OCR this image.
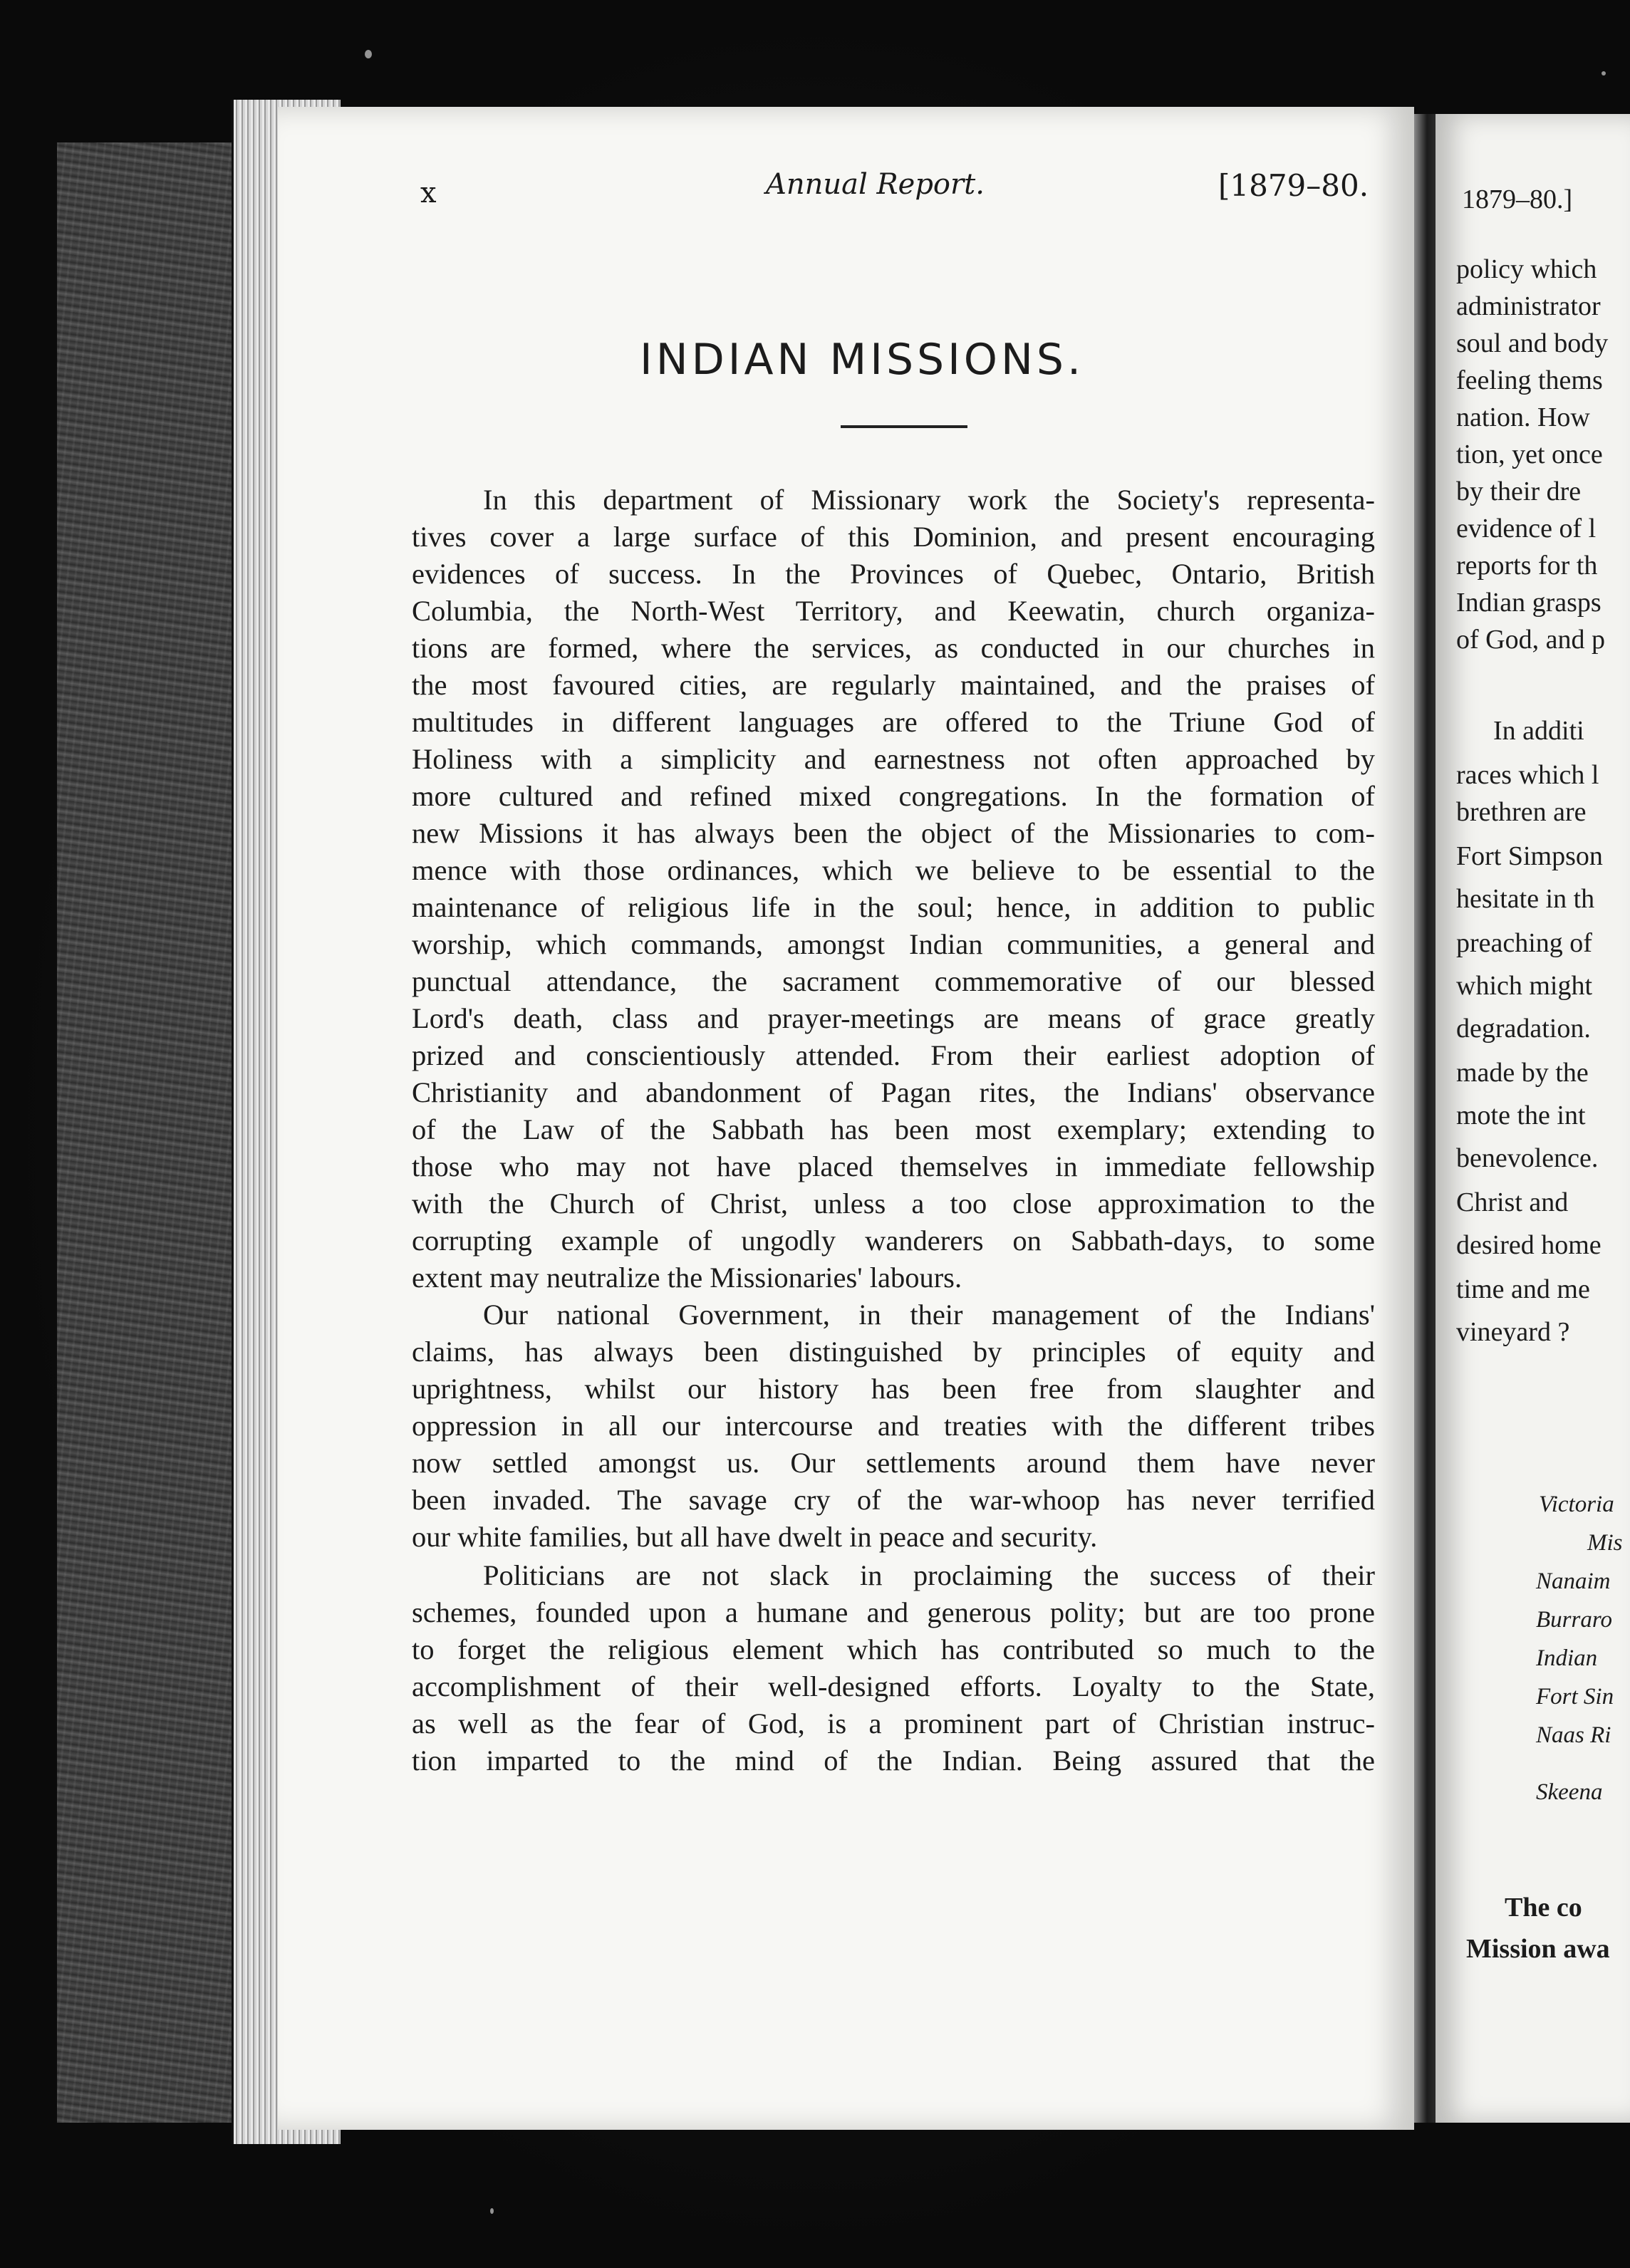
x	Annual Report.	[1879–80.
INDIAN MISSIONS.
In this department of Missionary work the Society's representa-
tives cover a large surface of this Dominion, and present encouraging
evidences of success. In the Provinces of Quebec, Ontario, British
Columbia, the North-West Territory, and Keewatin, church organiza-
tions are formed, where the services, as conducted in our churches in
the most favoured cities, are regularly maintained, and the praises of
multitudes in different languages are offered to the Triune God of
Holiness with a simplicity and earnestness not often approached by
more cultured and refined mixed congregations. In the formation of
new Missions it has always been the object of the Missionaries to com-
mence with those ordinances, which we believe to be essential to the
maintenance of religious life in the soul; hence, in addition to public
worship, which commands, amongst Indian communities, a general and
punctual attendance, the sacrament commemorative of our blessed
Lord's death, class and prayer-meetings are means of grace greatly
prized and conscientiously attended. From their earliest adoption of
Christianity and abandonment of Pagan rites, the Indians' observance
of the Law of the Sabbath has been most exemplary; extending to
those who may not have placed themselves in immediate fellowship
with the Church of Christ, unless a too close approximation to the
corrupting example of ungodly wanderers on Sabbath-days, to some
extent may neutralize the Missionaries' labours.
Our national Government, in their management of the Indians'
claims, has always been distinguished by principles of equity and
uprightness, whilst our history has been free from slaughter and
oppression in all our intercourse and treaties with the different tribes
now settled amongst us. Our settlements around them have never
been invaded. The savage cry of the war-whoop has never terrified
our white families, but all have dwelt in peace and security.
Politicians are not slack in proclaiming the success of their
schemes, founded upon a humane and generous polity; but are too prone
to forget the religious element which has contributed so much to the
accomplishment of their well-designed efforts. Loyalty to the State,
as well as the fear of God, is a prominent part of Christian instruc-
tion imparted to the mind of the Indian. Being assured that the
1879–80.]
policy which
administrator
soul and body
feeling thems
nation. How
tion, yet once
by their dre
evidence of l
reports for th
Indian grasps
of God, and p
In additi
races which l
brethren are
Fort Simpson
hesitate in th
preaching of
which might
degradation.
made by the
mote the int
benevolence.
Christ and
desired home
time and me
vineyard ?
Victoria
Mis
Nanaim
Burraro
Indian
Fort Sin
Naas Ri
Skeena
The co
Mission awa
